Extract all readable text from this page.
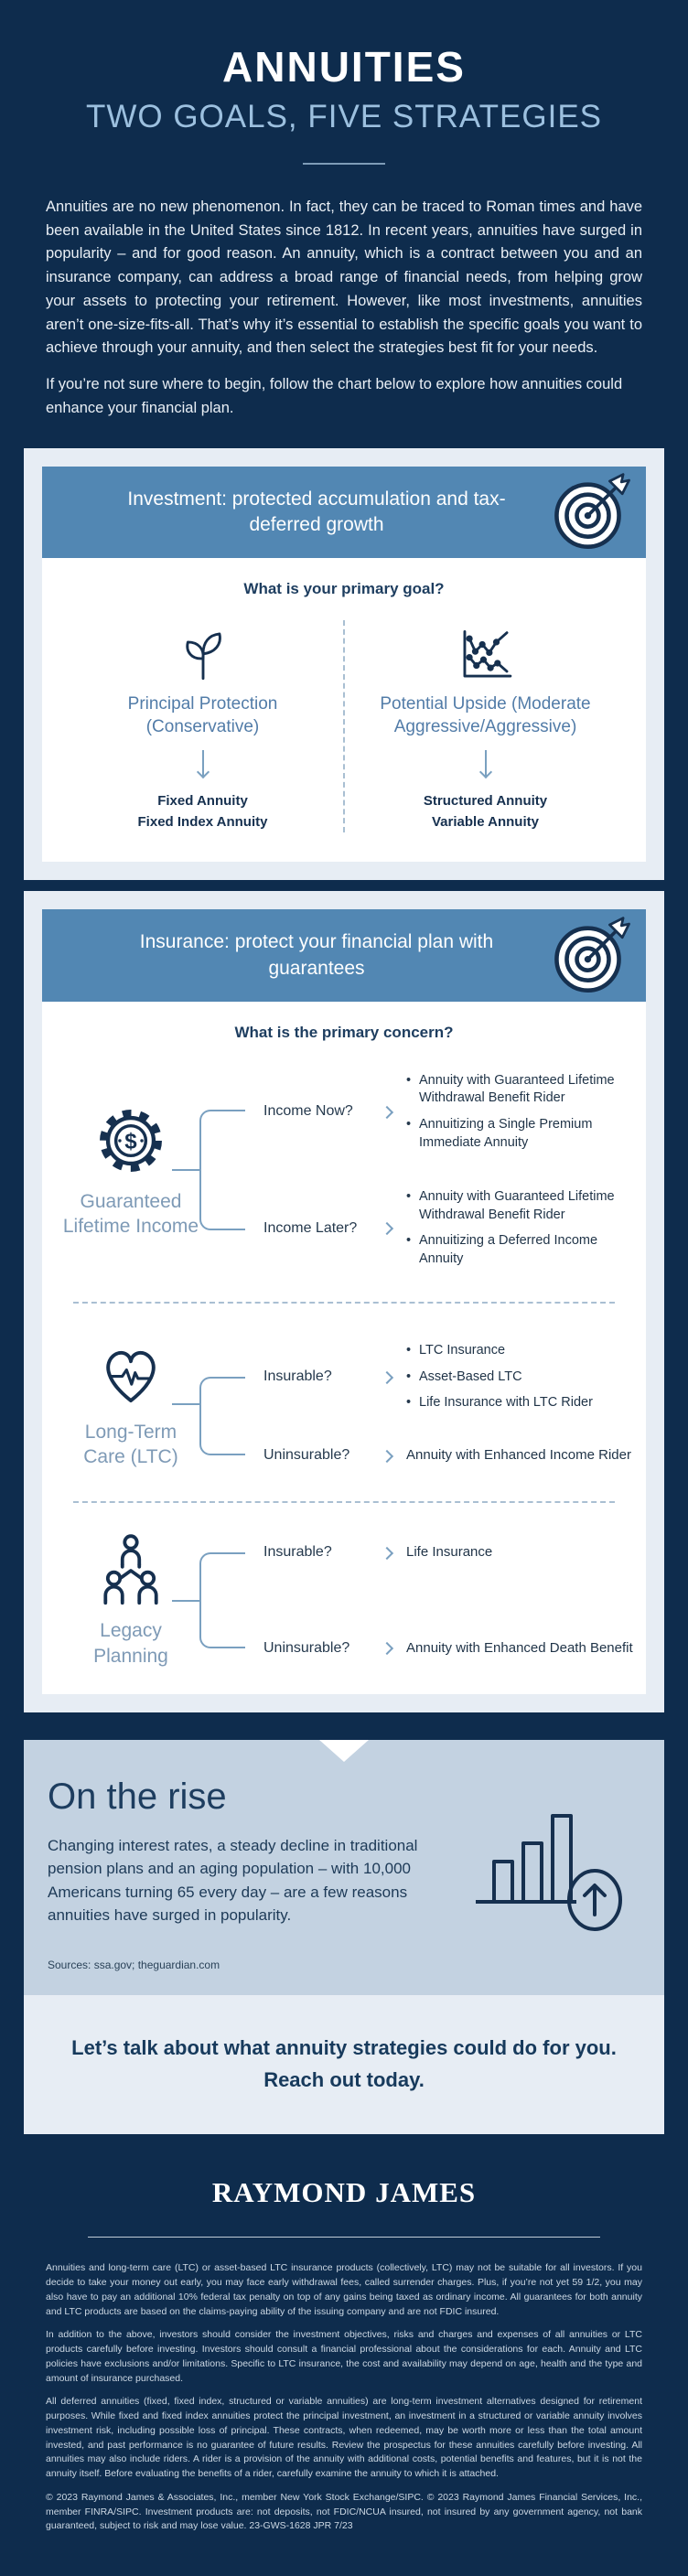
ANNUITIES
TWO GOALS, FIVE STRATEGIES

Annuities are no new phenomenon. In fact, they can be traced to Roman times and have been available in the United States since 1812. In recent years, annuities have surged in popularity – and for good reason. An annuity, which is a contract between you and an insurance company, can address a broad range of financial needs, from helping grow your assets to protecting your retirement. However, like most investments, annuities aren’t one-size-fits-all. That’s why it’s essential to establish the specific goals you want to achieve through your annuity, and then select the strategies best fit for your needs.

If you’re not sure where to begin, follow the chart below to explore how annuities could enhance your financial plan.

Investment: protected accumulation and tax-deferred growth
What is your primary goal?
Principal Protection (Conservative)
Fixed Annuity
Fixed Index Annuity
Potential Upside (Moderate Aggressive/Aggressive)
Structured Annuity
Variable Annuity
Insurance: protect your financial plan with guarantees
What is the primary concern?
$
Guaranteed Lifetime Income
Income Now?
• Annuity with Guaranteed Lifetime Withdrawal Benefit Rider
• Annuitizing a Single Premium Immediate Annuity
Income Later?
• Annuity with Guaranteed Lifetime Withdrawal Benefit Rider
• Annuitizing a Deferred Income Annuity
Long-Term Care (LTC)
Insurable?
• LTC Insurance
• Asset-Based LTC
• Life Insurance with LTC Rider
Uninsurable?	Annuity with Enhanced Income Rider
Legacy Planning
Insurable?	Life Insurance
Uninsurable?	Annuity with Enhanced Death Benefit
On the rise
Changing interest rates, a steady decline in traditional pension plans and an aging population – with 10,000 Americans turning 65 every day – are a few reasons annuities have surged in popularity.
Sources: ssa.gov; theguardian.com
Let’s talk about what annuity strategies could do for you.
Reach out today.
RAYMOND JAMES

Annuities and long-term care (LTC) or asset-based LTC insurance products (collectively, LTC) may not be suitable for all investors. If you decide to take your money out early, you may face early withdrawal fees, called surrender charges. Plus, if you’re not yet 59 1/2, you may also have to pay an additional 10% federal tax penalty on top of any gains being taxed as ordinary income. All guarantees for both annuity and LTC products are based on the claims-paying ability of the issuing company and are not FDIC insured.

In addition to the above, investors should consider the investment objectives, risks and charges and expenses of all annuities or LTC products carefully before investing. Investors should consult a financial professional about the considerations for each. Annuity and LTC policies have exclusions and/or limitations. Specific to LTC insurance, the cost and availability may depend on age, health and the type and amount of insurance purchased.

All deferred annuities (fixed, fixed index, structured or variable annuities) are long-term investment alternatives designed for retirement purposes. While fixed and fixed index annuities protect the principal investment, an investment in a structured or variable annuity involves investment risk, including possible loss of principal. These contracts, when redeemed, may be worth more or less than the total amount invested, and past performance is no guarantee of future results. Review the prospectus for these annuities carefully before investing. All annuities may also include riders. A rider is a provision of the annuity with additional costs, potential benefits and features, but it is not the annuity itself. Before evaluating the benefits of a rider, carefully examine the annuity to which it is attached.

© 2023 Raymond James & Associates, Inc., member New York Stock Exchange/SIPC. © 2023 Raymond James Financial Services, Inc., member FINRA/SIPC. Investment products are: not deposits, not FDIC/NCUA insured, not insured by any government agency, not bank guaranteed, subject to risk and may lose value. 23-GWS-1628 JPR 7/23
